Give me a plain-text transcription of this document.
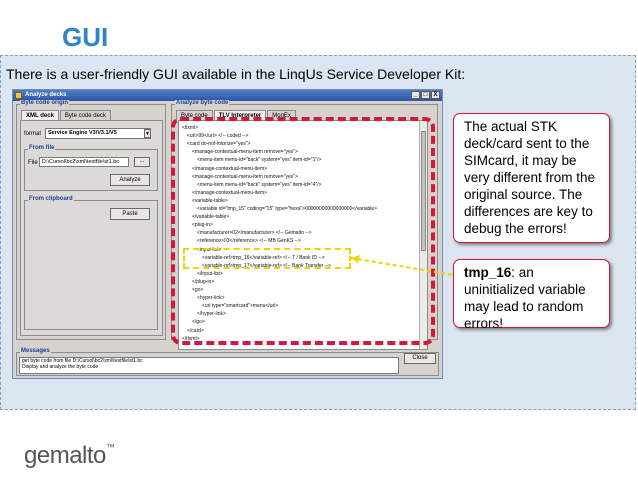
GUI
There is a user-friendly GUI available in the LinqUs Service Developer Kit:
Analyze decks	_	□	X
Byte code origin
XML deck	Byte code deck
format	Service Engine V3/V3.1/V5	▼
From file
File D:\Cursol\bc2\xml\testfile\st1.bc	...
Analyze
From clipboard
Paste
Analyze byte code
Byte code	TLV Interpreter	MonEx
<tlxml>
<url>99</url> <!-- coded -->
<card do-not-fotorize="yes">
<manage-contextual-menu-item remove="yes">
<menu-item menu-id="back" system="yes" item-id="1"/>
</manage-contextual-menu-item>
<manage-contextual-menu-item remove="yes">
<menu-item menu-id="back" system="yes" item-id="4"/>
</manage-contextual-menu-item>
<variable-table>
<variable id="tmp_15" coding="15" type="hexa">00000000000000000</variable>
</variable-table>
<plug-in>
<manufacturer>02</manufacturer> <!-- Gemalto -->
<reference>03</reference> <!-- MB GenKS -->
<input-list>
<variable-ref>tmp_16</variable-ref> <!-- T / Bank ID -->
<variable-ref>tmp_17</variable-ref> <!-- Bank Transfer -->
</input-list>
</plug-in>
<go>
<hyper-link>
<url type="smartcard">menu</url>
</hyper-link>
</go>
</card>
</tlxml>
Messages
get byte code from file D:\Cursol\bc2\xml\testfile\st1.bc
Display and analyze the byte code
Close
The actual STK deck/card sent to the SIMcard, it may be very different from the original source. The differences are key to debug the errors!
tmp_16: an uninitialized variable may lead to random errors!
gemalto™
